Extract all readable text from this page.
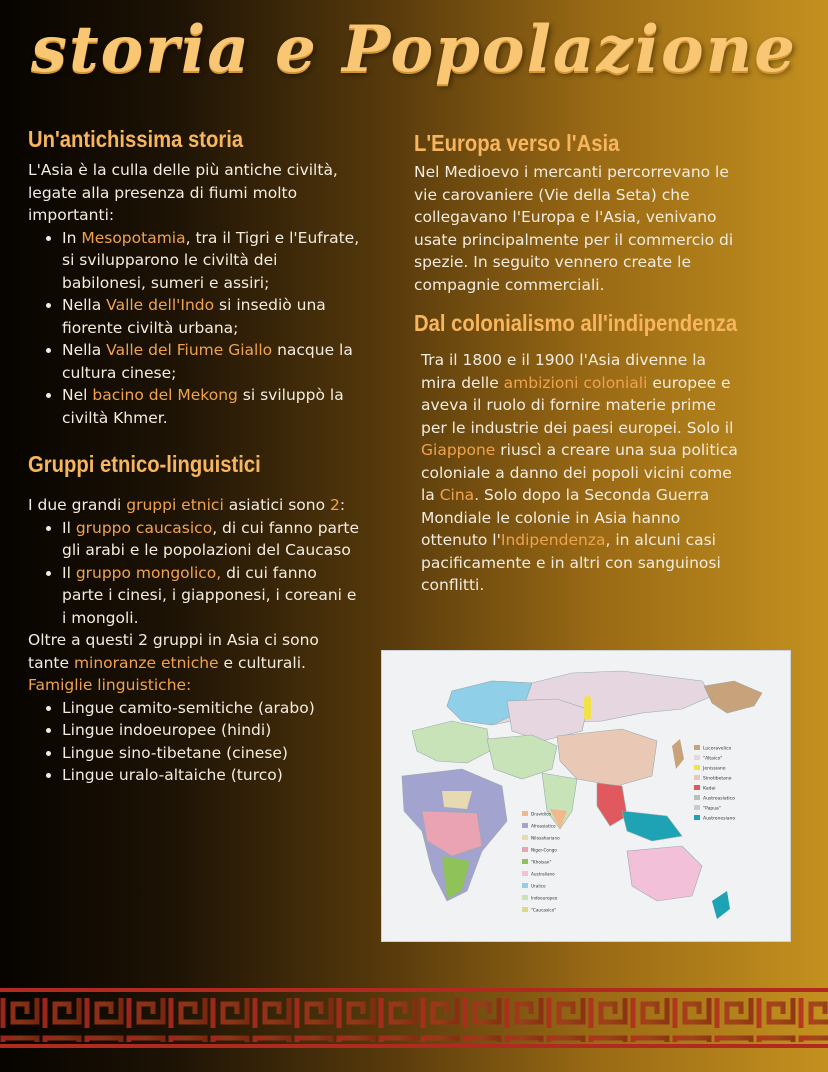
storia e Popolazione
Un'antichissima storia

L'Asia è la culla delle più antiche civiltà, legate alla presenza di fiumi molto importanti:

• In Mesopotamia, tra il Tigri e l'Eufrate, si svilupparono le civiltà dei babilonesi, sumeri e assiri;
• Nella Valle dell'Indo si insediò una fiorente civiltà urbana;
• Nella Valle del Fiume Giallo nacque la cultura cinese;
• Nel bacino del Mekong si sviluppò la civiltà Khmer.
Gruppi etnico-linguistici

I due grandi gruppi etnici asiatici sono 2:

• Il gruppo caucasico, di cui fanno parte gli arabi e le popolazioni del Caucaso
• Il gruppo mongolico, di cui fanno parte i cinesi, i giapponesi, i coreani e i mongoli.

Oltre a questi 2 gruppi in Asia ci sono tante minoranze etniche e culturali.

Famiglie linguistiche:

• Lingue camito-semitiche (arabo)
• Lingue indoeuropee (hindi)
• Lingue sino-tibetane (cinese)
• Lingue uralo-altaiche (turco)
L'Europa verso l'Asia

Nel Medioevo i mercanti percorrevano le vie carovaniere (Vie della Seta) che collegavano l'Europa e l'Asia, venivano usate principalmente per il commercio di spezie. In seguito vennero create le compagnie commerciali.

Dal colonialismo all'indipendenza

Tra il 1800 e il 1900 l'Asia divenne la mira delle ambizioni coloniali europee e aveva il ruolo di fornire materie prime per le industrie dei paesi europei. Solo il Giappone riuscì a creare una sua politica coloniale a danno dei popoli vicini come la Cina. Solo dopo la Seconda Guerra Mondiale le colonie in Asia hanno ottenuto l'Indipendenza, in alcuni casi pacificamente e in altri con sanguinosi conflitti.

Lucoravelico
"Altaico"
Jenissiano
Sinotibetano
Kadai
Austroasiatico
"Papua"
Austronesiano
Dravidico
Afroasiatico
Nilosahariano
Niger-Congo
"Khoisan"
Australiano
Uralico
Indoeuropeo
"Caucasico"
